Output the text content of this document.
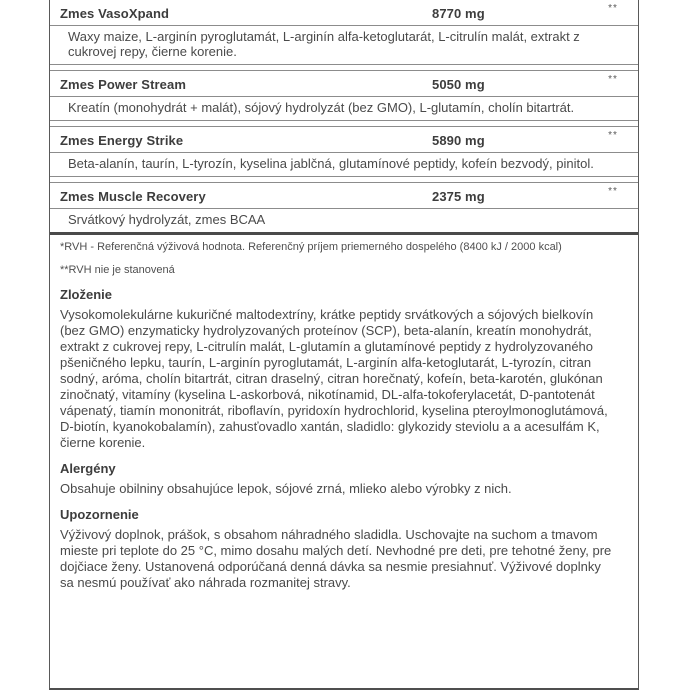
Zmes VasoXpand	8770 mg	**
Waxy maize, L-arginín pyroglutamát, L-arginín alfa-ketoglutarát, L-citrulín malát, extrakt z cukrovej repy, čierne korenie.
Zmes Power Stream	5050 mg	**
Kreatín (monohydrát + malát), sójový hydrolyzát (bez GMO), L-glutamín, cholín bitartrát.
Zmes Energy Strike	5890 mg	**
Beta-alanín, taurín, L-tyrozín, kyselina jablčná, glutamínové peptidy, kofeín bezvodý, pinitol.
Zmes Muscle Recovery	2375 mg	**
Srvátkový hydrolyzát, zmes BCAA
*RVH - Referenčná výživová hodnota. Referenčný príjem priemerného dospelého (8400 kJ / 2000 kcal)
**RVH nie je stanovená
Zloženie
Vysokomolekulárne kukuričné maltodextríny, krátke peptidy srvátkových a sójových bielkovín (bez GMO) enzymaticky hydrolyzovaných proteínov (SCP), beta-alanín, kreatín monohydrát, extrakt z cukrovej repy, L-citrulín malát, L-glutamín a glutamínové peptidy z hydrolyzovaného pšeničného lepku, taurín, L-arginín pyroglutamát, L-arginín alfa-ketoglutarát, L-tyrozín, citran sodný, aróma, cholín bitartrát, citran draselný, citran horečnatý, kofeín, beta-karotén, glukónan zinočnatý, vitamíny (kyselina L-askorbová, nikotínamid, DL-alfa-tokoferylacetát, D-pantotenát vápenatý, tiamín mononitrát, riboflavín, pyridoxín hydrochlorid, kyselina pteroylmonoglutámová, D-biotín, kyanokobalamín), zahusťovadlo xantán, sladidlo: glykozidy steviolu a a acesulfám K, čierne korenie.
Alergény
Obsahuje obilniny obsahujúce lepok, sójové zrná, mlieko alebo výrobky z nich.
Upozornenie
Výživový doplnok, prášok, s obsahom náhradného sladidla. Uschovajte na suchom a tmavom mieste pri teplote do 25 °C, mimo dosahu malých detí. Nevhodné pre deti, pre tehotné ženy, pre dojčiace ženy. Ustanovená odporúčaná denná dávka sa nesmie presiahnuť. Výživové doplnky sa nesmú používať ako náhrada rozmanitej stravy.
